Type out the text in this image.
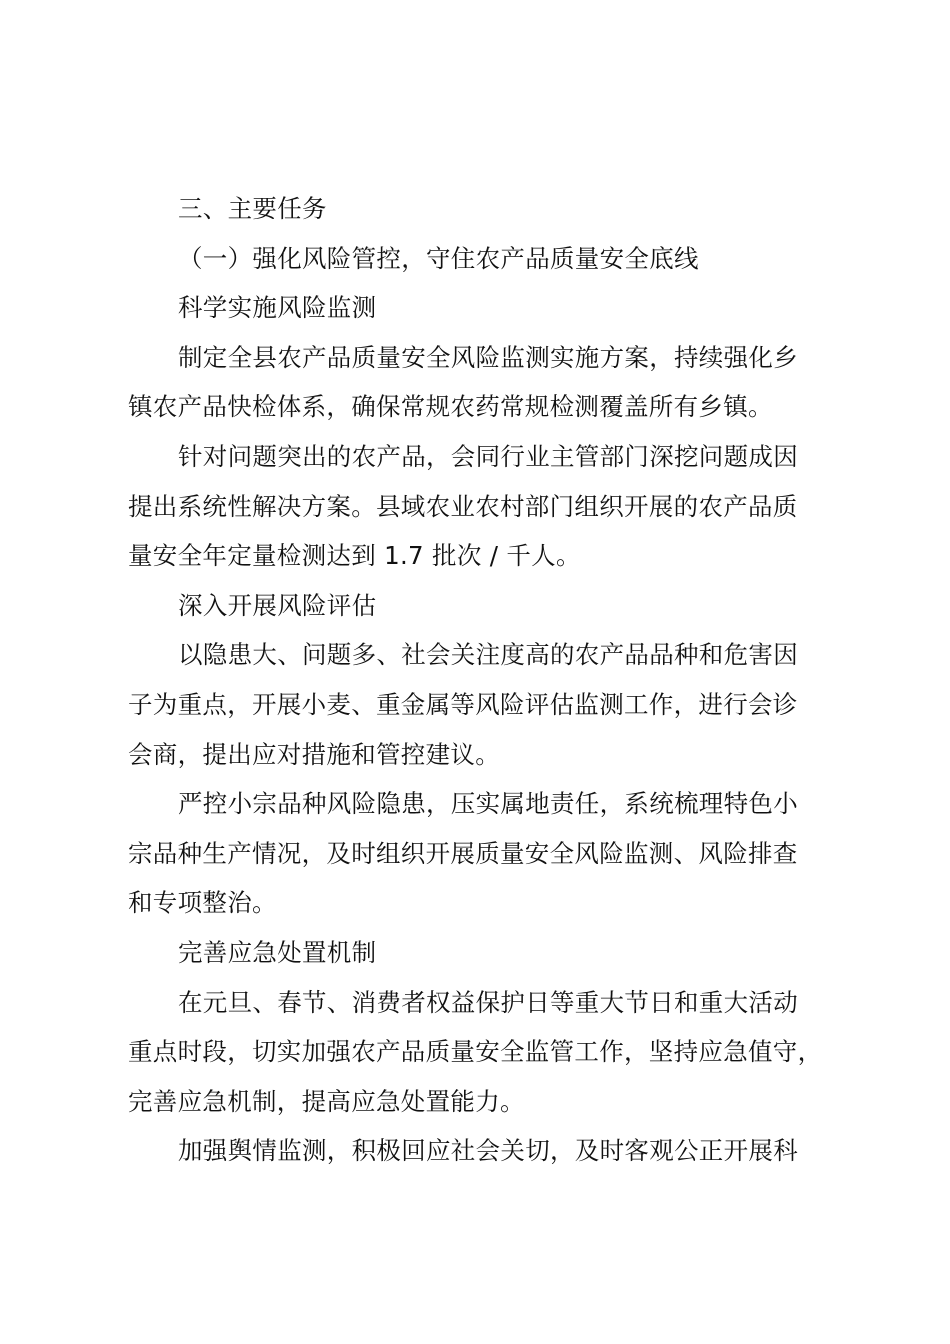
三、主要任务
（一）强化风险管控，守住农产品质量安全底线
科学实施风险监测
制定全县农产品质量安全风险监测实施方案，持续强化乡
镇农产品快检体系，确保常规农药常规检测覆盖所有乡镇。
针对问题突出的农产品，会同行业主管部门深挖问题成因
提出系统性解决方案。县域农业农村部门组织开展的农产品质
量安全年定量检测达到 1.7 批次 / 千人。
深入开展风险评估
以隐患大、问题多、社会关注度高的农产品品种和危害因
子为重点，开展小麦、重金属等风险评估监测工作，进行会诊
会商，提出应对措施和管控建议。
严控小宗品种风险隐患，压实属地责任，系统梳理特色小
宗品种生产情况，及时组织开展质量安全风险监测、风险排查
和专项整治。
完善应急处置机制
在元旦、春节、消费者权益保护日等重大节日和重大活动
重点时段，切实加强农产品质量安全监管工作，坚持应急值守，
完善应急机制，提高应急处置能力。
加强舆情监测，积极回应社会关切，及时客观公正开展科
